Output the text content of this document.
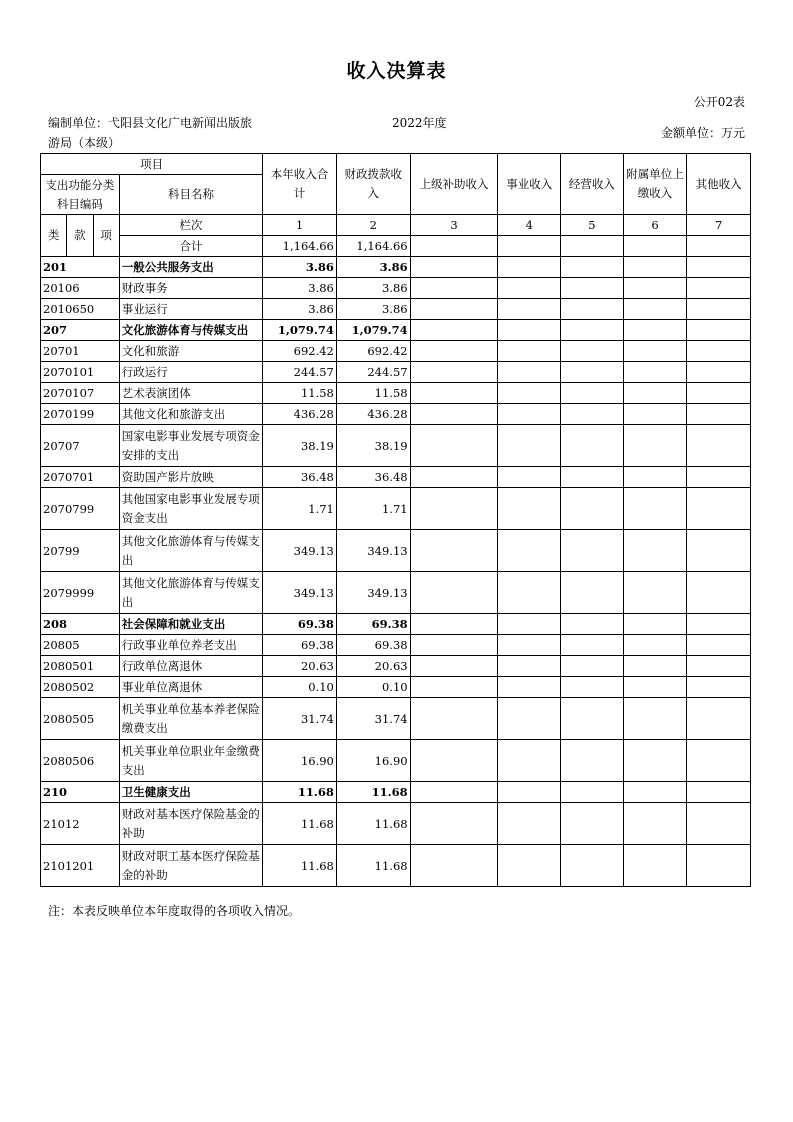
收入决算表
公开02表
编制单位：弋阳县文化广电新闻出版旅
游局（本级）
2022年度
金额单位：万元
项目				本年收入合计	财政拨款收入	上级补助收入	事业收入	经营收入	附属单位上缴收入	其他收入
支出功能分类科目编码			科目名称							

类	款	项	栏次	1	2	3	4	5	6	7
			合计	1,164.66	1,164.66					
201			一般公共服务支出	3.86	3.86					
20106			财政事务	3.86	3.86					
2010650			事业运行	3.86	3.86					
207			文化旅游体育与传媒支出	1,079.74	1,079.74					
20701			文化和旅游	692.42	692.42					
2070101			行政运行	244.57	244.57					
2070107			艺术表演团体	11.58	11.58					
2070199			其他文化和旅游支出	436.28	436.28					
20707			国家电影事业发展专项资金安排的支出	38.19	38.19					
2070701			资助国产影片放映	36.48	36.48					
2070799			其他国家电影事业发展专项资金支出	1.71	1.71					
20799			其他文化旅游体育与传媒支出	349.13	349.13					
2079999			其他文化旅游体育与传媒支出	349.13	349.13					
208			社会保障和就业支出	69.38	69.38					
20805			行政事业单位养老支出	69.38	69.38					
2080501			行政单位离退休	20.63	20.63					
2080502			事业单位离退休	0.10	0.10					
2080505			机关事业单位基本养老保险缴费支出	31.74	31.74					
2080506			机关事业单位职业年金缴费支出	16.90	16.90					
210			卫生健康支出	11.68	11.68					
21012			财政对基本医疗保险基金的补助	11.68	11.68					
2101201			财政对职工基本医疗保险基金的补助	11.68	11.68					
注：本表反映单位本年度取得的各项收入情况。
